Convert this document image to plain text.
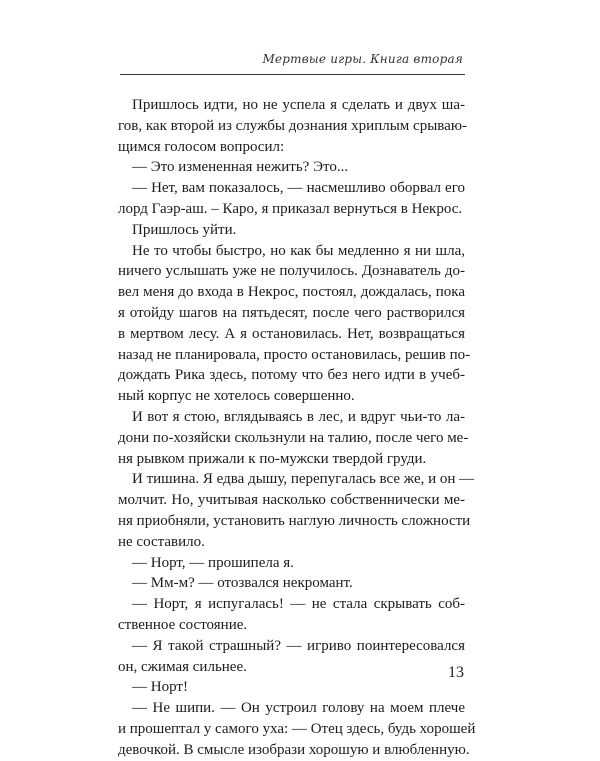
Мертвые игры. Книга вторая

Пришлось идти, но не успела я сделать и двух ша-
гов, как второй из службы дознания хриплым срываю-
щимся голосом вопросил:

— Это измененная нежить? Это...

— Нет, вам показалось, — насмешливо оборвал его
лорд Гаэр-аш. – Каро, я приказал вернуться в Некрос.

Пришлось уйти.

Не то чтобы быстро, но как бы медленно я ни шла,
ничего услышать уже не получилось. Дознаватель до-
вел меня до входа в Некрос, постоял, дождалась, пока
я отойду шагов на пятьдесят, после чего растворился
в мертвом лесу. А я остановилась. Нет, возвращаться
назад не планировала, просто остановилась, решив по-
дождать Рика здесь, потому что без него идти в учеб-
ный корпус не хотелось совершенно.

И вот я стою, вглядываясь в лес, и вдруг чьи-то ла-
дони по-хозяйски скользнули на талию, после чего ме-
ня рывком прижали к по-мужски твердой груди.

И тишина. Я едва дышу, перепугалась все же, и он —
молчит. Но, учитывая насколько собственнически ме-
ня приобняли, установить наглую личность сложности
не составило.

— Норт, — прошипела я.

— Мм-м? — отозвался некромант.

— Норт, я испугалась! — не стала скрывать соб-
ственное состояние.

— Я такой страшный? — игриво поинтересовался
он, сжимая сильнее.

— Норт!

— Не шипи. — Он устроил голову на моем плече
и прошептал у самого уха: — Отец здесь, будь хорошей
девочкой. В смысле изобрази хорошую и влюбленную.

13
